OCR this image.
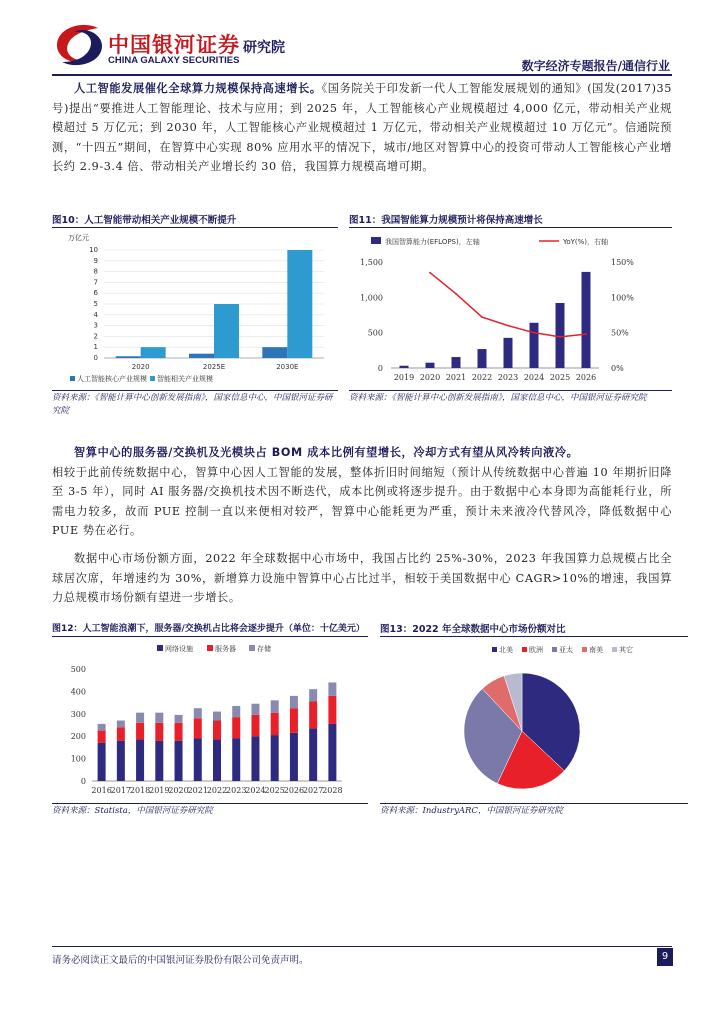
中国银河证券
CHINA GALAXY SECURITIES
研究院
数字经济专题报告/通信行业
人工智能发展催化全球算力规模保持高速增长。《国务院关于印发新一代人工智能发展规划的通知》(国发(2017)35 号)提出“要推进人工智能理论、技术与应用；到 2025 年，人工智能核心产业规模超过 4,000 亿元，带动相关产业规模超过 5 万亿元；到 2030 年，人工智能核心产业规模超过 1 万亿元，带动相关产业规模超过 10 万亿元”。信通院预测，“十四五”期间，在智算中心实现 80% 应用水平的情况下，城市/地区对智算中心的投资可带动人工智能核心产业增长约 2.9-3.4 倍、带动相关产业增长约 30 倍，我国算力规模高增可期。
图10：人工智能带动相关产业规模不断提升
万亿元
0
1
2
3
4
5
6
7
8
9
10
2020	2025E	2030E
人工智能核心产业规模 智能相关产业规模
资料来源：《智能计算中心创新发展指南》，国家信息中心，中国银河证券研究院
图11：我国智能算力规模预计将保持高速增长
我国智算能力(EFLOPS)，左轴	YoY(%)，右轴
0
500
1,000
1,500
0%
50%
100%
150%
2019 2020 2021 2022 2023 2024 2025 2026
资料来源：《智能计算中心创新发展指南》，国家信息中心，中国银河证券研究院
智算中心的服务器/交换机及光模块占 BOM 成本比例有望增长，冷却方式有望从风冷转向液冷。
相较于此前传统数据中心，智算中心因人工智能的发展，整体折旧时间缩短（预计从传统数据中心普遍 10 年期折旧降至 3-5 年），同时 AI 服务器/交换机技术因不断迭代，成本比例或将逐步提升。由于数据中心本身即为高能耗行业，所需电力较多，故而 PUE 控制一直以来便相对较严，智算中心能耗更为严重，预计未来液冷代替风冷，降低数据中心 PUE 势在必行。
数据中心市场份额方面，2022 年全球数据中心市场中，我国占比约 25%-30%，2023 年我国算力总规模占比全球居次席，年增速约为 30%，新增算力设施中智算中心占比过半，相较于美国数据中心 CAGR>10%的增速，我国算力总规模市场份额有望进一步增长。
图12：人工智能浪潮下，服务器/交换机占比将会逐步提升（单位：十亿美元）
网络设施	服务器	存储
0
100
200
300
400
500
2016
2017
2018
2019
2020
2021
2022
2023
2024
2025
2026
2027
2028
资料来源：Statista，中国银河证券研究院
图13：2022 年全球数据中心市场份额对比
北美 欧洲 亚太 南美 其它
资料来源：IndustryARC，中国银河证券研究院
请务必阅读正文最后的中国银河证券股份有限公司免责声明。	9
